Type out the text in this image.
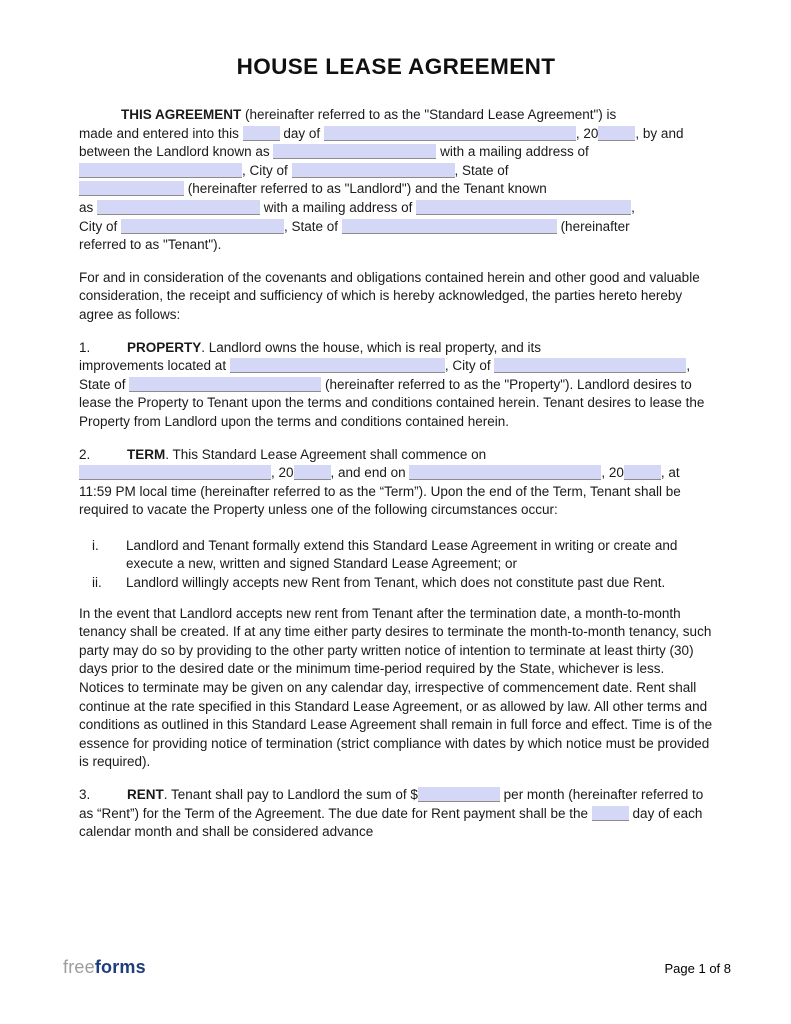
HOUSE LEASE AGREEMENT

THIS AGREEMENT (hereinafter referred to as the "Standard Lease Agreement") is
made and entered into this	day of	, 20	, by and
between the Landlord known as	with a mailing address of
, City of	, State of
(hereinafter referred to as "Landlord") and the Tenant known
as	with a mailing address of	,
City of	, State of	(hereinafter
referred to as "Tenant").

For and in consideration of the covenants and obligations contained herein and other good and valuable consideration, the receipt and sufficiency of which is hereby acknowledged, the parties hereto hereby agree as follows:

1.	PROPERTY. Landlord owns the house, which is real property, and its
improvements located at	, City of	,
State of	(hereinafter referred to as the "Property"). Landlord desires to lease the Property to Tenant upon the terms and conditions contained herein. Tenant desires to lease the Property from Landlord upon the terms and conditions contained herein.

2.	TERM. This Standard Lease Agreement shall commence on
, 20	, and end on	, 20	, at
11:59 PM local time (hereinafter referred to as the “Term”). Upon the end of the Term, Tenant shall be required to vacate the Property unless one of the following circumstances occur:

i.	Landlord and Tenant formally extend this Standard Lease Agreement in writing or create and execute a new, written and signed Standard Lease Agreement; or
ii.	Landlord willingly accepts new Rent from Tenant, which does not constitute past due Rent.

In the event that Landlord accepts new rent from Tenant after the termination date, a month-to-month tenancy shall be created. If at any time either party desires to terminate the month-to-month tenancy, such party may do so by providing to the other party written notice of intention to terminate at least thirty (30) days prior to the desired date or the minimum time-period required by the State, whichever is less. Notices to terminate may be given on any calendar day, irrespective of commencement date. Rent shall continue at the rate specified in this Standard Lease Agreement, or as allowed by law. All other terms and conditions as outlined in this Standard Lease Agreement shall remain in full force and effect. Time is of the essence for providing notice of termination (strict compliance with dates by which notice must be provided is required).

3.	RENT. Tenant shall pay to Landlord the sum of $	per month (hereinafter referred to as “Rent”) for the Term of the Agreement. The due date for Rent payment shall be the	day of each calendar month and shall be considered advance

freeforms	Page 1 of 8
